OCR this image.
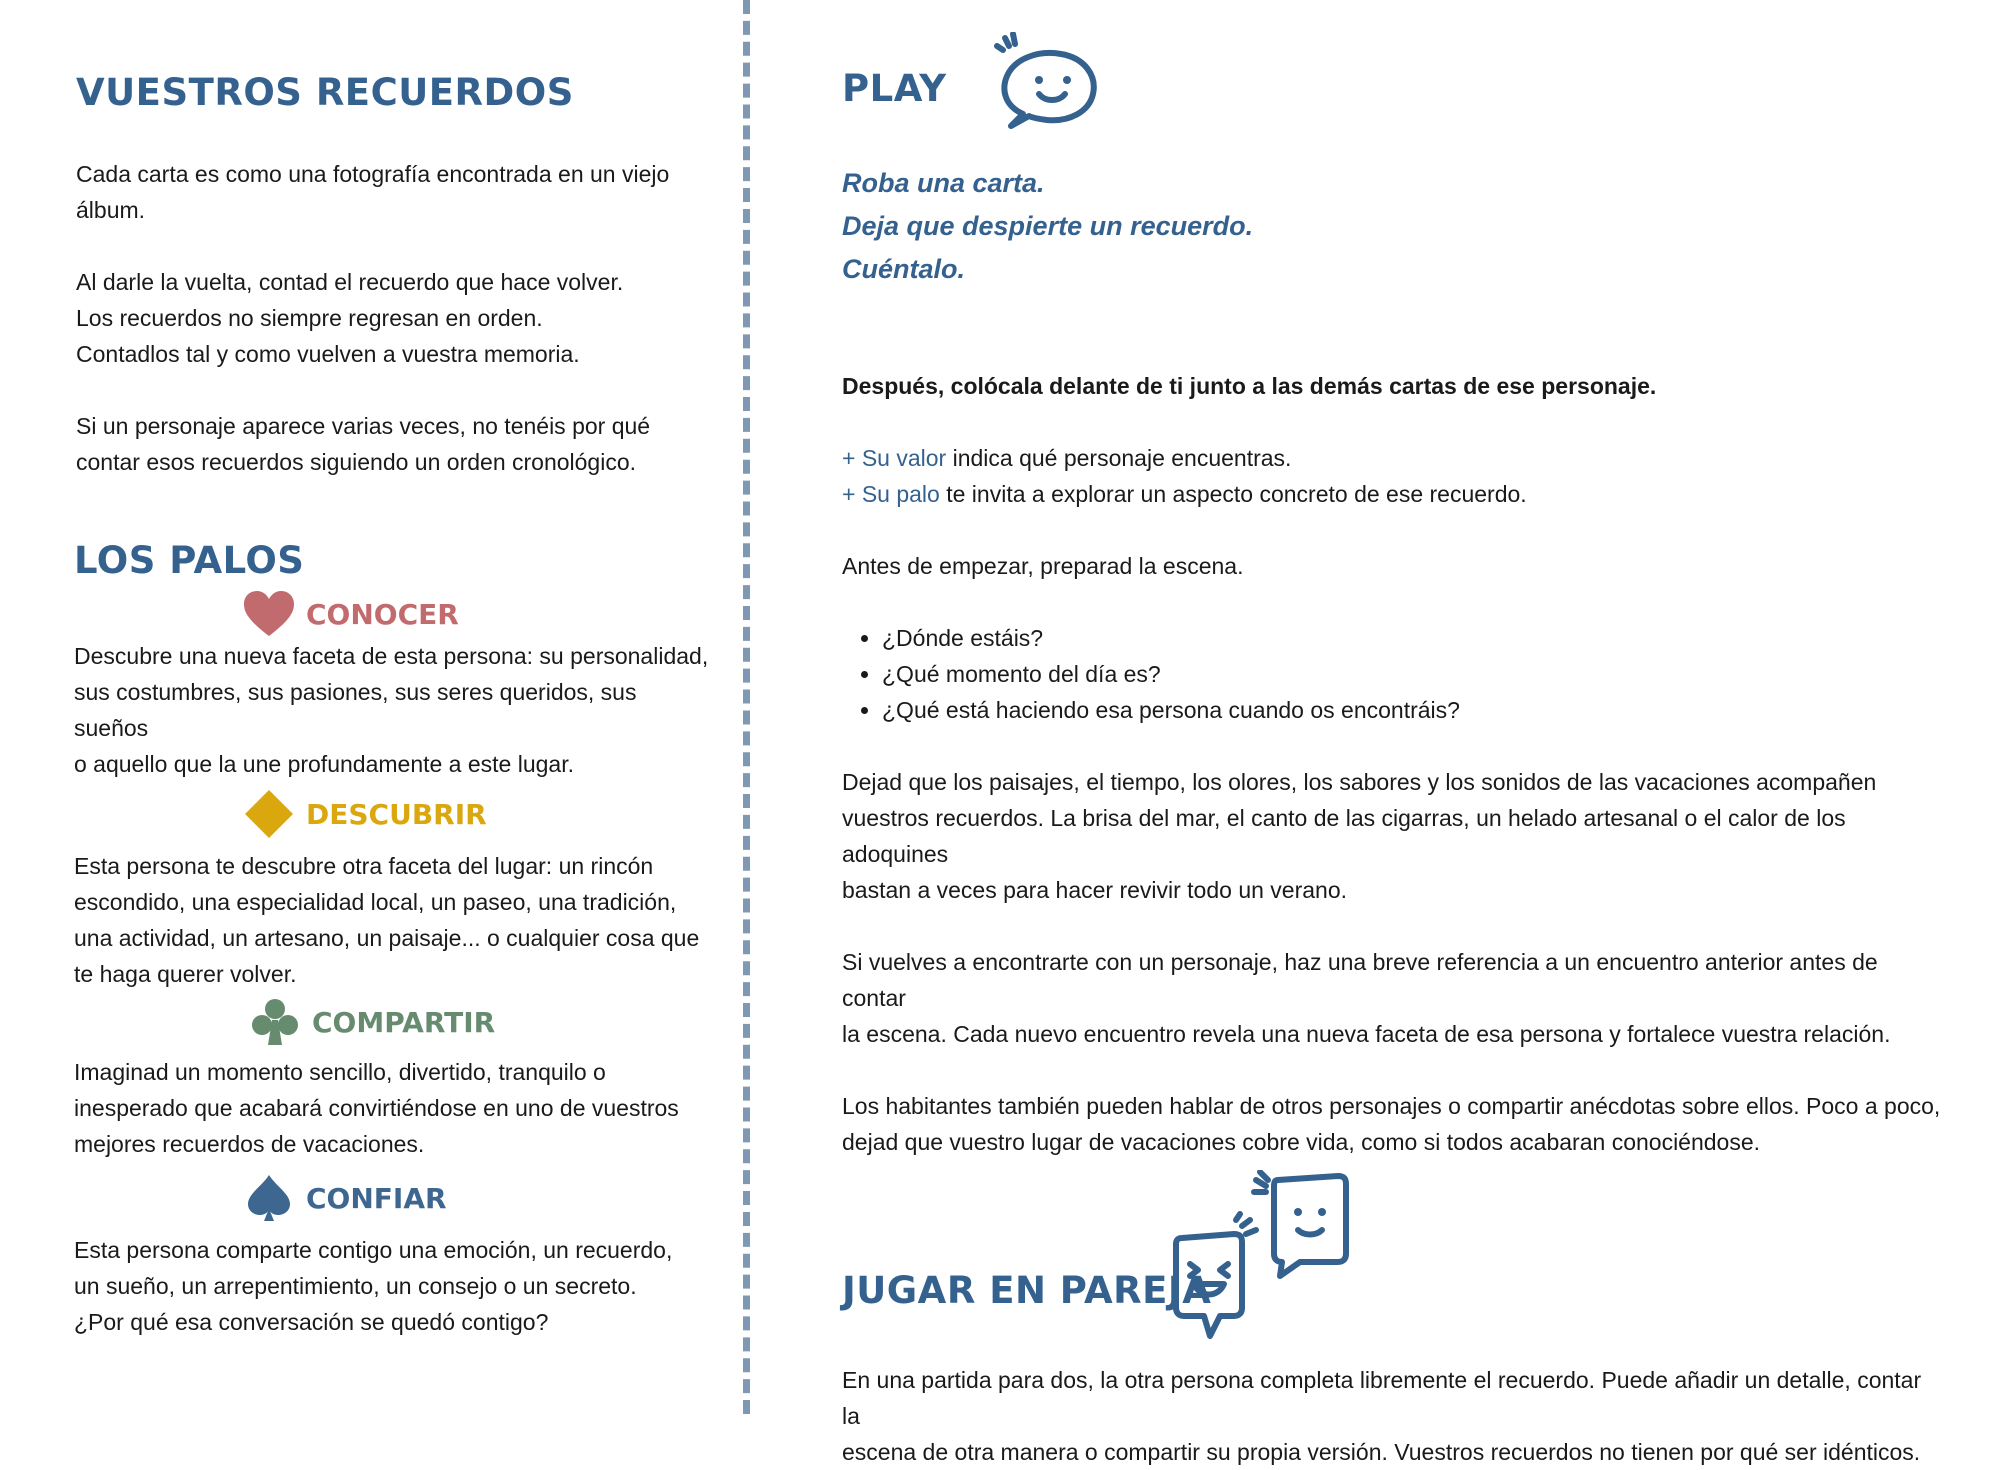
VUESTROS RECUERDOS

Cada carta es como una fotografía encontrada en un viejo
álbum.

Al darle la vuelta, contad el recuerdo que hace volver.
Los recuerdos no siempre regresan en orden.
Contadlos tal y como vuelven a vuestra memoria.

Si un personaje aparece varias veces, no tenéis por qué
contar esos recuerdos siguiendo un orden cronológico.

LOS PALOS
CONOCER

Descubre una nueva faceta de esta persona: su personalidad,
sus costumbres, sus pasiones, sus seres queridos, sus sueños
o aquello que la une profundamente a este lugar.

DESCUBRIR

Esta persona te descubre otra faceta del lugar: un rincón
escondido, una especialidad local, un paseo, una tradición,
una actividad, un artesano, un paisaje... o cualquier cosa que
te haga querer volver.

COMPARTIR

Imaginad un momento sencillo, divertido, tranquilo o
inesperado que acabará convirtiéndose en uno de vuestros
mejores recuerdos de vacaciones.

CONFIAR

Esta persona comparte contigo una emoción, un recuerdo,
un sueño, un arrepentimiento, un consejo o un secreto.
¿Por qué esa conversación se quedó contigo?

PLAY
Roba una carta.
Deja que despierte un recuerdo.
Cuéntalo.

Después, colócala delante de ti junto a las demás cartas de ese personaje.

+ Su valor indica qué personaje encuentras.
+ Su palo te invita a explorar un aspecto concreto de ese recuerdo.

Antes de empezar, preparad la escena.

• ¿Dónde estáis?
• ¿Qué momento del día es?
• ¿Qué está haciendo esa persona cuando os encontráis?

Dejad que los paisajes, el tiempo, los olores, los sabores y los sonidos de las vacaciones acompañen
vuestros recuerdos. La brisa del mar, el canto de las cigarras, un helado artesanal o el calor de los adoquines
bastan a veces para hacer revivir todo un verano.

Si vuelves a encontrarte con un personaje, haz una breve referencia a un encuentro anterior antes de contar
la escena. Cada nuevo encuentro revela una nueva faceta de esa persona y fortalece vuestra relación.

Los habitantes también pueden hablar de otros personajes o compartir anécdotas sobre ellos. Poco a poco,
dejad que vuestro lugar de vacaciones cobre vida, como si todos acabaran conociéndose.

JUGAR EN PAREJA

En una partida para dos, la otra persona completa libremente el recuerdo. Puede añadir un detalle, contar la
escena de otra manera o compartir su propia versión. Vuestros recuerdos no tienen por qué ser idénticos.
